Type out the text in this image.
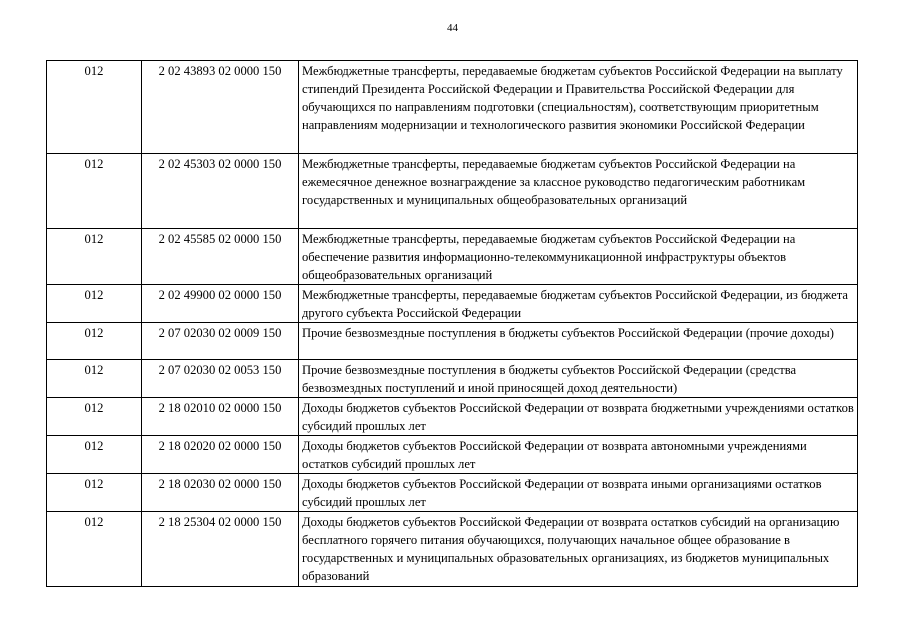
44
012	2 02 43893 02 0000 150	Межбюджетные трансферты, передаваемые бюджетам субъектов Российской Федерации на выплату стипендий Президента Российской Федерации и Правительства Российской Федерации для обучающихся по направлениям подготовки (специальностям), соответствующим приоритетным направлениям модернизации и технологического развития экономики Российской Федерации
012	2 02 45303 02 0000 150	Межбюджетные трансферты, передаваемые бюджетам субъектов Российской Федерации на ежемесячное денежное вознаграждение за классное руководство педагогическим работникам государственных и муниципальных общеобразовательных организаций
012	2 02 45585 02 0000 150	Межбюджетные трансферты, передаваемые бюджетам субъектов Российской Федерации на обеспечение развития информационно-телекоммуникационной инфраструктуры объектов общеобразовательных организаций
012	2 02 49900 02 0000 150	Межбюджетные трансферты, передаваемые бюджетам субъектов Российской Федерации, из бюджета другого субъекта Российской Федерации
012	2 07 02030 02 0009 150	Прочие безвозмездные поступления в бюджеты субъектов Российской Федерации (прочие доходы)
012	2 07 02030 02 0053 150	Прочие безвозмездные поступления в бюджеты субъектов Российской Федерации (средства безвозмездных поступлений и иной приносящей доход деятельности)
012	2 18 02010 02 0000 150	Доходы бюджетов субъектов Российской Федерации от возврата бюджетными учреждениями остатков субсидий прошлых лет
012	2 18 02020 02 0000 150	Доходы бюджетов субъектов Российской Федерации от возврата автономными учреждениями остатков субсидий прошлых лет
012	2 18 02030 02 0000 150	Доходы бюджетов субъектов Российской Федерации от возврата иными организациями остатков субсидий прошлых лет
012	2 18 25304 02 0000 150	Доходы бюджетов субъектов Российской Федерации от возврата остатков субсидий на организацию бесплатного горячего питания обучающихся, получающих начальное общее образование в государственных и муниципальных образовательных организациях, из бюджетов муниципальных образований
